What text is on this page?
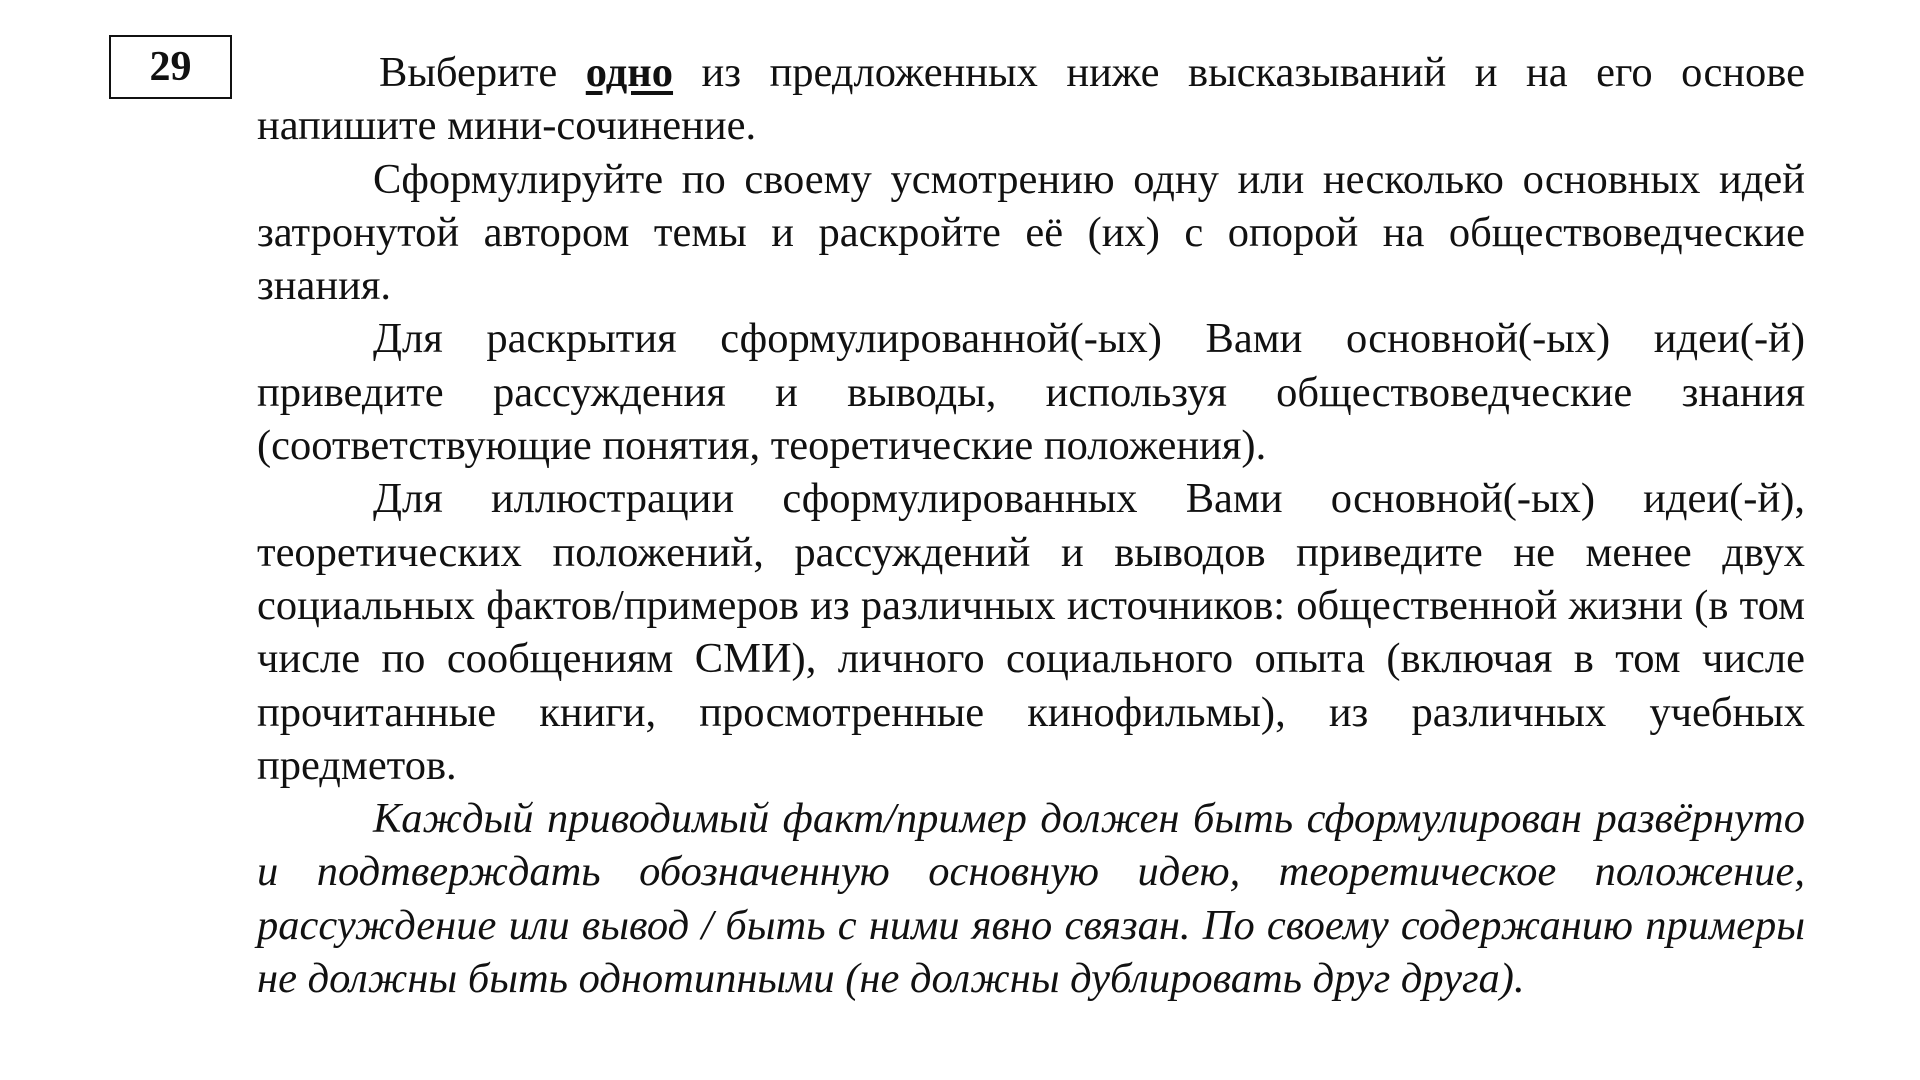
29	Выберите одно из предложенных ниже высказываний и на его основе напишите мини-сочинение.

Сформулируйте по своему усмотрению одну или несколько основных идей затронутой автором темы и раскройте её (их) с опорой на обществоведческие знания.

Для раскрытия сформулированной(-ых) Вами основной(-ых) идеи(-й) приведите рассуждения и выводы, используя обществоведческие знания (соответствующие понятия, теоретические положения).

Для иллюстрации сформулированных Вами основной(-ых) идеи(-й), теоретических положений, рассуждений и выводов приведите не менее двух социальных фактов/примеров из различных источников: общественной жизни (в том числе по сообщениям СМИ), личного социального опыта (включая в том числе прочитанные книги, просмотренные кинофильмы), из различных учебных предметов.

Каждый приводимый факт/пример должен быть сформулирован развёрнуто и подтверждать обозначенную основную идею, теоретическое положение, рассуждение или вывод / быть с ними явно связан. По своему содержанию примеры не должны быть однотипными (не должны дублировать друг друга).
